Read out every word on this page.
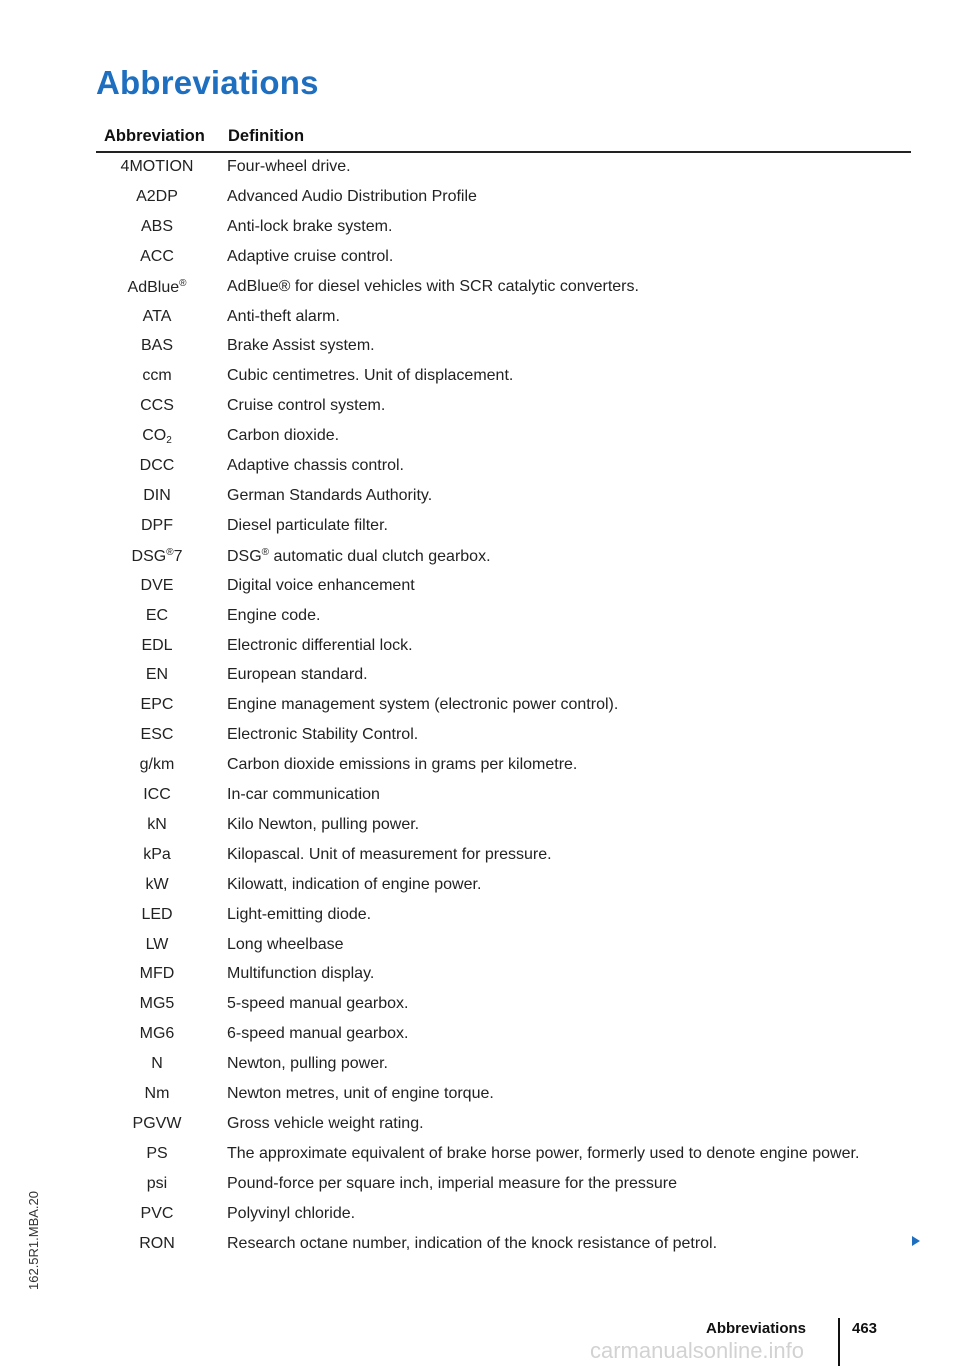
Abbreviations
Abbreviation Definition
4MOTION	Four-wheel drive.
A2DP	Advanced Audio Distribution Profile
ABS	Anti-lock brake system.
ACC	Adaptive cruise control.
AdBlue®	AdBlue® for diesel vehicles with SCR catalytic converters.
ATA	Anti-theft alarm.
BAS	Brake Assist system.
ccm	Cubic centimetres. Unit of displacement.
CCS	Cruise control system.
$CO_2$	Carbon dioxide.
DCC	Adaptive chassis control.
DIN	German Standards Authority.
DPF	Diesel particulate filter.
DSG®7	DSG® automatic dual clutch gearbox.
DVE	Digital voice enhancement
EC	Engine code.
EDL	Electronic differential lock.
EN	European standard.
EPC	Engine management system (electronic power control).
ESC	Electronic Stability Control.
g/km	Carbon dioxide emissions in grams per kilometre.
ICC	In-car communication
kN	Kilo Newton, pulling power.
kPa	Kilopascal. Unit of measurement for pressure.
kW	Kilowatt, indication of engine power.
LED	Light-emitting diode.
LW	Long wheelbase
MFD	Multifunction display.
MG5	5-speed manual gearbox.
MG6	6-speed manual gearbox.
N	Newton, pulling power.
Nm	Newton metres, unit of engine torque.
PGVW	Gross vehicle weight rating.
PS	The approximate equivalent of brake horse power, formerly used to denote engine power.
psi	Pound-force per square inch, imperial measure for the pressure
PVC	Polyvinyl chloride.
RON	Research octane number, indication of the knock resistance of petrol.
162.5R1.MBA.20
Abbreviations	463
carmanualsonline.info
